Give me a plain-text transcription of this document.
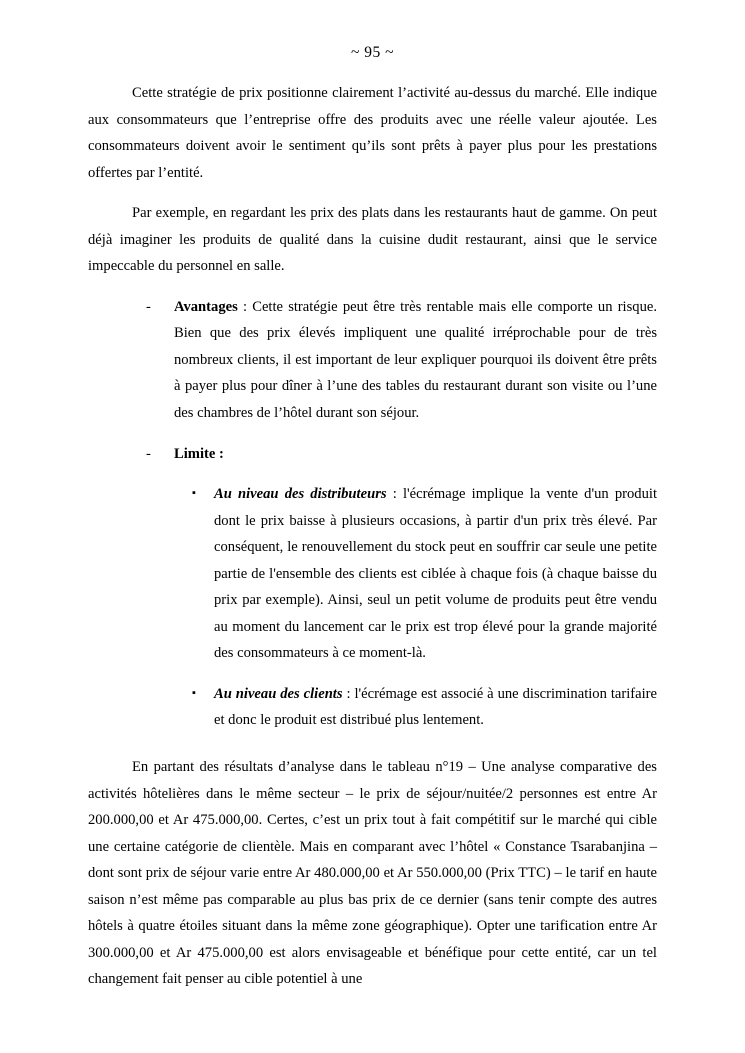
~ 95 ~

Cette stratégie de prix positionne clairement l’activité au-dessus du marché. Elle indique aux consommateurs que l’entreprise offre des produits avec une réelle valeur ajoutée. Les consommateurs doivent avoir le sentiment qu’ils sont prêts à payer plus pour les prestations offertes par l’entité.

Par exemple, en regardant les prix des plats dans les restaurants haut de gamme. On peut déjà imaginer les produits de qualité dans la cuisine dudit restaurant, ainsi que le service impeccable du personnel en salle.

-	Avantages : Cette stratégie peut être très rentable mais elle comporte un risque. Bien que des prix élevés impliquent une qualité irréprochable pour de très nombreux clients, il est important de leur expliquer pourquoi ils doivent être prêts à payer plus pour dîner à l’une des tables du restaurant durant son visite ou l’une des chambres de l’hôtel durant son séjour.
-	Limite :
▪	Au niveau des distributeurs : l'écrémage implique la vente d'un produit dont le prix baisse à plusieurs occasions, à partir d'un prix très élevé. Par conséquent, le renouvellement du stock peut en souffrir car seule une petite partie de l'ensemble des clients est ciblée à chaque fois (à chaque baisse du prix par exemple). Ainsi, seul un petit volume de produits peut être vendu au moment du lancement car le prix est trop élevé pour la grande majorité des consommateurs à ce moment-là.
▪	Au niveau des clients : l'écrémage est associé à une discrimination tarifaire et donc le produit est distribué plus lentement.

En partant des résultats d’analyse dans le tableau n°19 – Une analyse comparative des activités hôtelières dans le même secteur – le prix de séjour/nuitée/2 personnes est entre Ar 200.000,00 et Ar 475.000,00. Certes, c’est un prix tout à fait compétitif sur le marché qui cible une certaine catégorie de clientèle. Mais en comparant avec l’hôtel « Constance Tsarabanjina – dont sont prix de séjour varie entre Ar 480.000,00 et Ar 550.000,00 (Prix TTC) – le tarif en haute saison n’est même pas comparable au plus bas prix de ce dernier (sans tenir compte des autres hôtels à quatre étoiles situant dans la même zone géographique). Opter une tarification entre Ar 300.000,00 et Ar 475.000,00 est alors envisageable et bénéfique pour cette entité, car un tel changement fait penser au cible potentiel à une
